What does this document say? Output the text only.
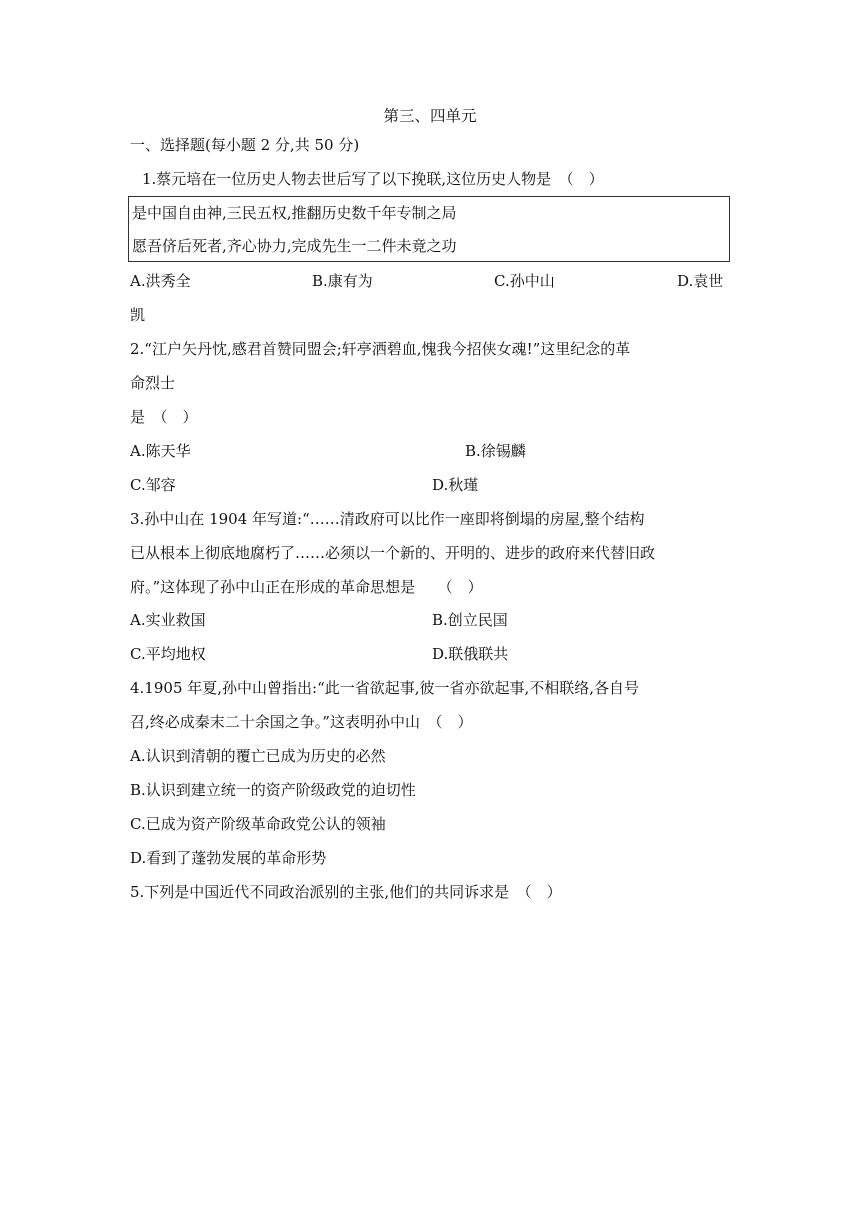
第三、四单元
一、选择题(每小题 2 分,共 50 分)
1.蔡元培在一位历史人物去世后写了以下挽联,这位历史人物是　（　）
是中国自由神,三民五权,推翻历史数千年专制之局
愿吾侪后死者,齐心协力,完成先生一二件未竟之功
A.洪秀全	B.康有为	C.孙中山	D.袁世
凯
2.“江户矢丹忱,感君首赞同盟会;轩亭洒碧血,愧我今招侠女魂!”这里纪念的革
命烈士
是　（　）
A.陈天华	B.徐锡麟
C.邹容	D.秋瑾
3.孙中山在 1904 年写道:“……清政府可以比作一座即将倒塌的房屋,整个结构
已从根本上彻底地腐朽了……必须以一个新的、开明的、进步的政府来代替旧政
府。”这体现了孙中山正在形成的革命思想是　　（　）
A.实业救国	B.创立民国
C.平均地权	D.联俄联共
4.1905 年夏,孙中山曾指出:“此一省欲起事,彼一省亦欲起事,不相联络,各自号
召,终必成秦末二十余国之争。”这表明孙中山　（　）
A.认识到清朝的覆亡已成为历史的必然
B.认识到建立统一的资产阶级政党的迫切性
C.已成为资产阶级革命政党公认的领袖
D.看到了蓬勃发展的革命形势
5.下列是中国近代不同政治派别的主张,他们的共同诉求是　（　）
